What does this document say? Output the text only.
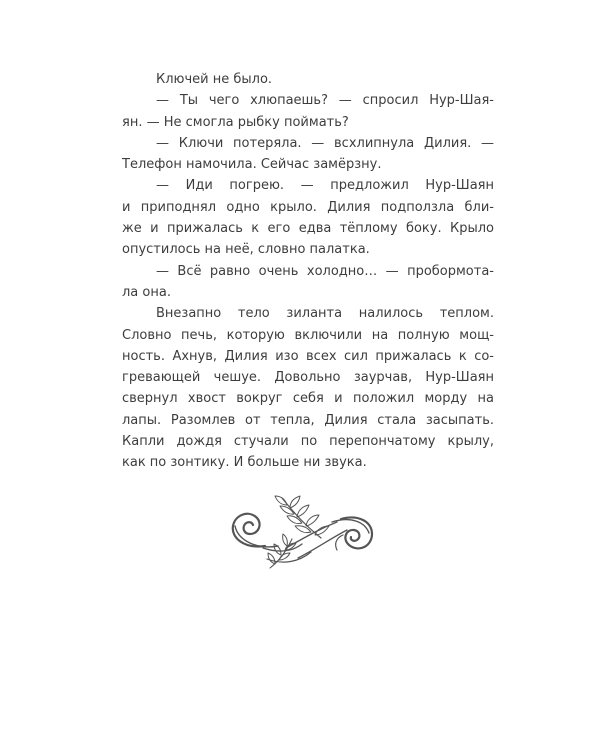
Ключей не было.
— Ты чего хлюпаешь? — спросил Нур-Шая-
ян. — Не смогла рыбку поймать?
— Ключи потеряла. — всхлипнула Дилия. —
Телефон намочила. Сейчас замёрзну.
— Иди погрею. — предложил Нур-Шаян
и приподнял одно крыло. Дилия подползла бли-
же и прижалась к его едва тёплому боку. Крыло
опустилось на неё, словно палатка.
— Всё равно очень холодно… — пробормота-
ла она.
Внезапно тело зиланта налилось теплом.
Словно печь, которую включили на полную мощ-
ность. Ахнув, Дилия изо всех сил прижалась к со-
гревающей чешуе. Довольно заурчав, Нур-Шаян
свернул хвост вокруг себя и положил морду на
лапы. Разомлев от тепла, Дилия стала засыпать.
Капли дождя стучали по перепончатому крылу,
как по зонтику. И больше ни звука.
